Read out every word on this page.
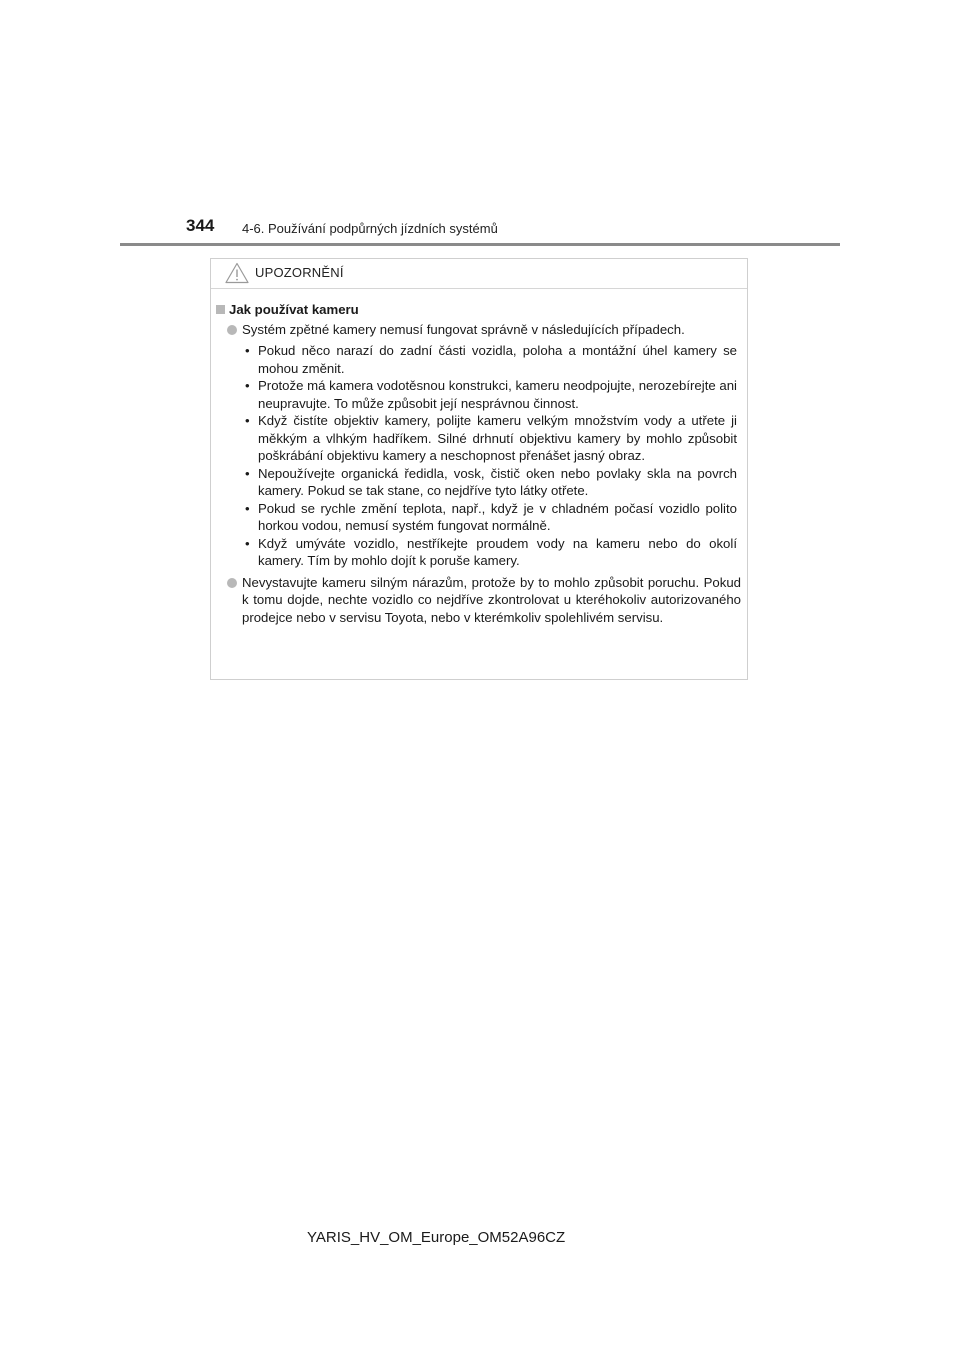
344 4-6. Používání podpůrných jízdních systémů
UPOZORNĚNÍ
Jak používat kameru
Systém zpětné kamery nemusí fungovat správně v následujících případech.
• Pokud něco narazí do zadní části vozidla, poloha a montážní úhel kamery se mohou změnit.
• Protože má kamera vodotěsnou konstrukci, kameru neodpojujte, nerozebírejte ani neupravujte. To může způsobit její nesprávnou činnost.
• Když čistíte objektiv kamery, polijte kameru velkým množstvím vody a utřete ji měkkým a vlhkým hadříkem. Silné drhnutí objektivu kamery by mohlo způsobit poškrábání objektivu kamery a neschopnost přenášet jasný obraz.
• Nepoužívejte organická ředidla, vosk, čistič oken nebo povlaky skla na povrch kamery. Pokud se tak stane, co nejdříve tyto látky otřete.
• Pokud se rychle změní teplota, např., když je v chladném počasí vozidlo polito horkou vodou, nemusí systém fungovat normálně.
• Když umýváte vozidlo, nestříkejte proudem vody na kameru nebo do okolí kamery. Tím by mohlo dojít k poruše kamery.
Nevystavujte kameru silným nárazům, protože by to mohlo způsobit poruchu. Pokud k tomu dojde, nechte vozidlo co nejdříve zkontrolovat u kteréhokoliv autorizovaného prodejce nebo v servisu Toyota, nebo v kterémkoliv spolehlivém servisu.
YARIS_HV_OM_Europe_OM52A96CZ
